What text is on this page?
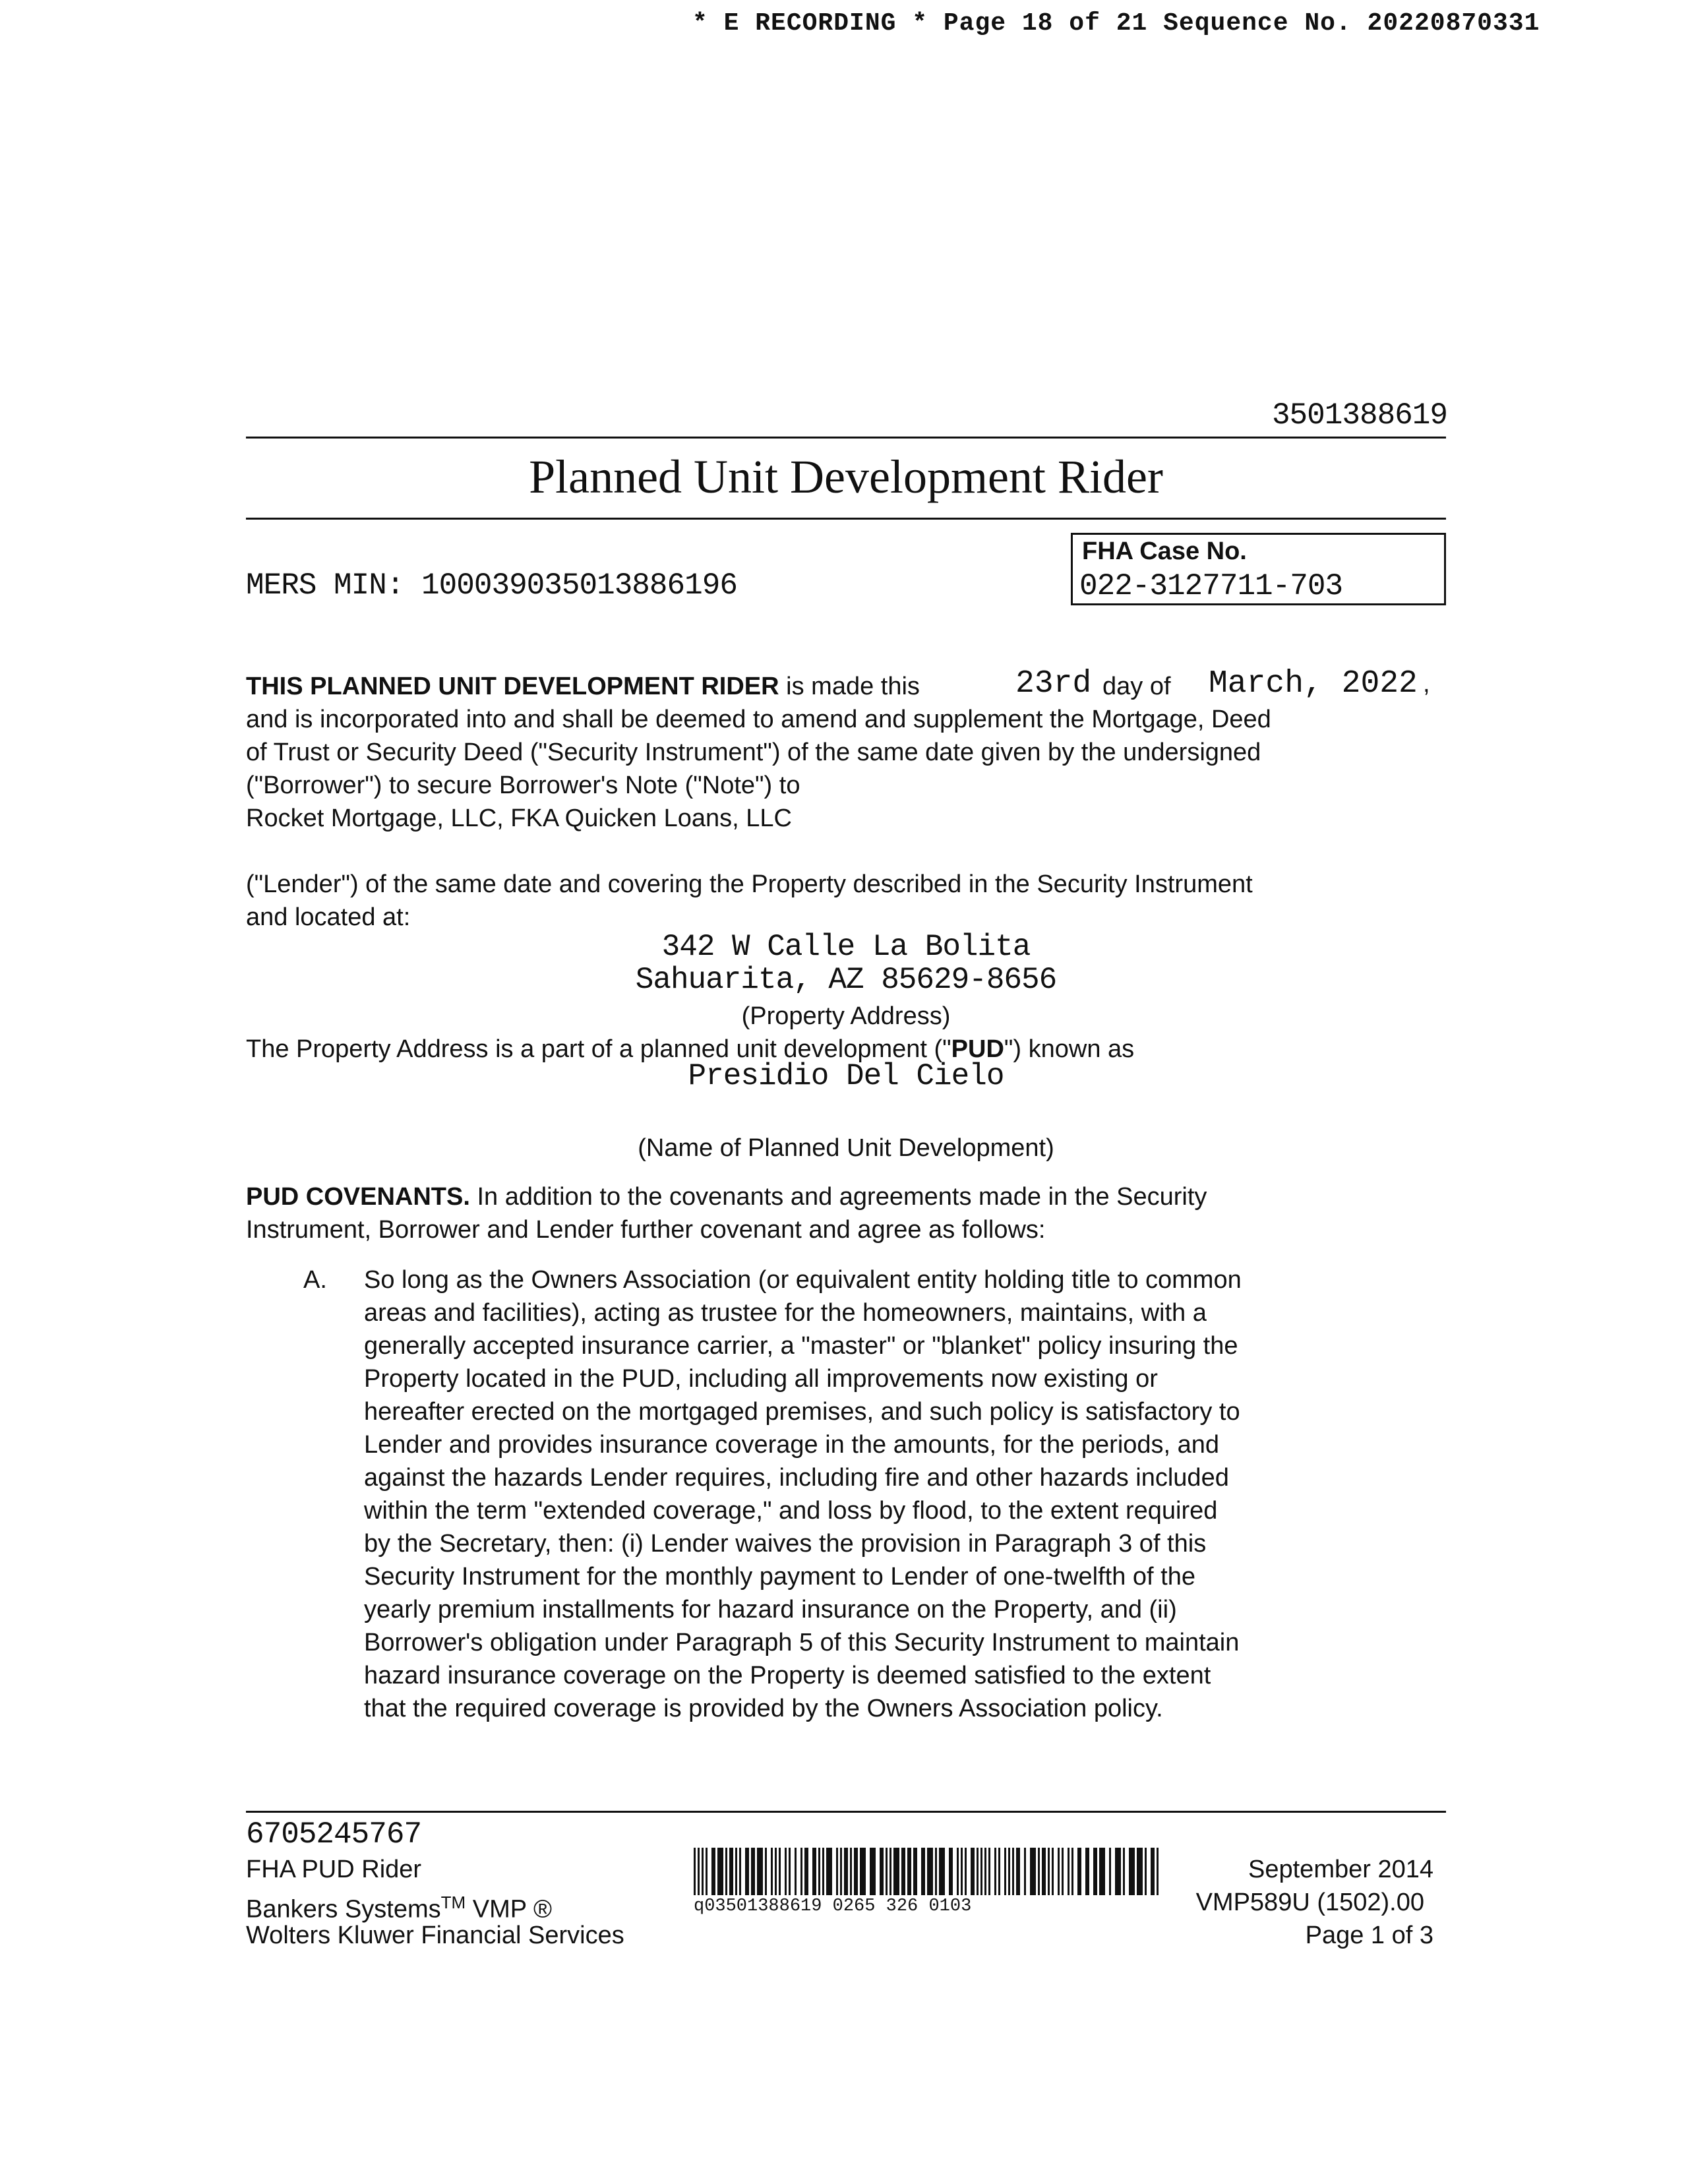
* E RECORDING * Page 18 of 21 Sequence No. 20220870331
3501388619
Planned Unit Development Rider
MERS MIN: 100039035013886196
FHA Case No.
022-3127711-703
THIS PLANNED UNIT DEVELOPMENT RIDER is made this	23rd day of March, 2022 ,
and is incorporated into and shall be deemed to amend and supplement the Mortgage, Deed
of Trust or Security Deed ("Security Instrument") of the same date given by the undersigned
("Borrower") to secure Borrower's Note ("Note") to
Rocket Mortgage, LLC, FKA Quicken Loans, LLC
("Lender") of the same date and covering the Property described in the Security Instrument
and located at:
342 W Calle La Bolita
Sahuarita, AZ 85629-8656
(Property Address)
The Property Address is a part of a planned unit development ("PUD") known as
Presidio Del Cielo
(Name of Planned Unit Development)
PUD COVENANTS. In addition to the covenants and agreements made in the Security
Instrument, Borrower and Lender further covenant and agree as follows:
A. So long as the Owners Association (or equivalent entity holding title to common
areas and facilities), acting as trustee for the homeowners, maintains, with a
generally accepted insurance carrier, a "master" or "blanket" policy insuring the
Property located in the PUD, including all improvements now existing or
hereafter erected on the mortgaged premises, and such policy is satisfactory to
Lender and provides insurance coverage in the amounts, for the periods, and
against the hazards Lender requires, including fire and other hazards included
within the term "extended coverage," and loss by flood, to the extent required
by the Secretary, then: (i) Lender waives the provision in Paragraph 3 of this
Security Instrument for the monthly payment to Lender of one-twelfth of the
yearly premium installments for hazard insurance on the Property, and (ii)
Borrower's obligation under Paragraph 5 of this Security Instrument to maintain
hazard insurance coverage on the Property is deemed satisfied to the extent
that the required coverage is provided by the Owners Association policy.
6705245767
FHA PUD Rider
Bankers Systems™ VMP ®
Wolters Kluwer Financial Services
q03501388619 0265 326 0103
September 2014
VMP589U (1502).00
Page 1 of 3
